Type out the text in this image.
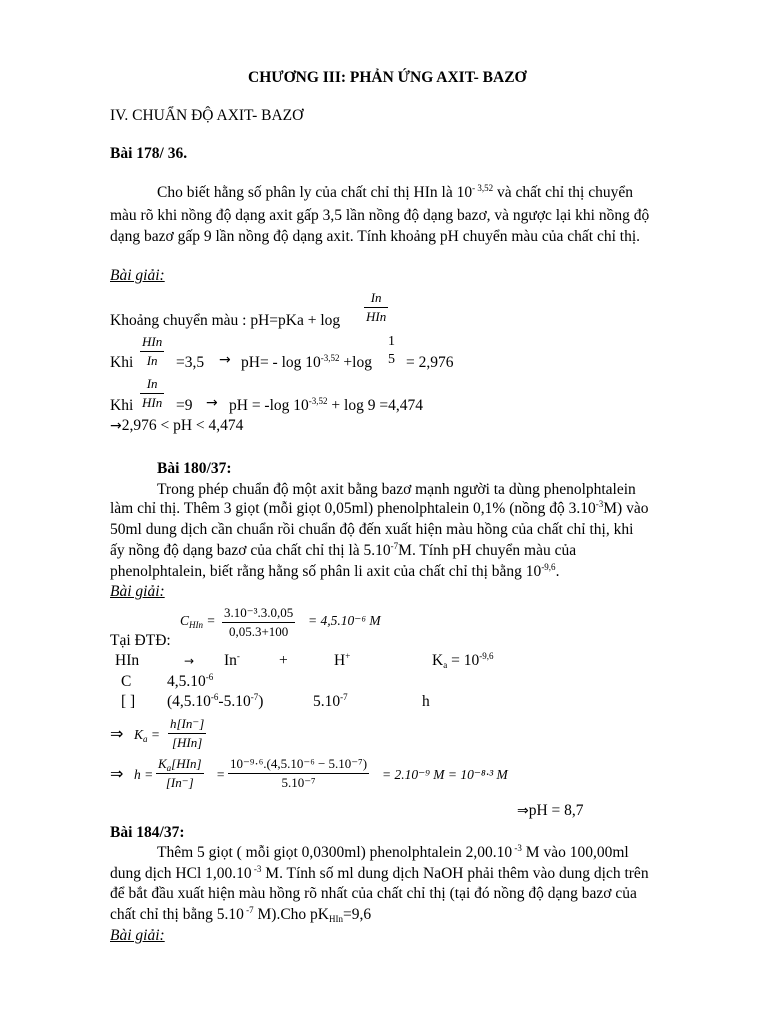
CHƯƠNG III: PHẢN ỨNG AXIT- BAZƠ
IV. CHUẨN ĐỘ AXIT- BAZƠ
Bài 178/ 36.
Cho biết hằng số phân ly của chất chỉ thị HIn là $10^{- 3,52}$ và chất chỉ thị chuyển
màu rõ khi nồng độ dạng axit gấp 3,5 lần nồng độ dạng bazơ, và ngược lại khi nồng độ
dạng bazơ gấp 9 lần nồng độ dạng axit. Tính khoảng pH chuyển màu của chất chỉ thị.
Bài giải:
Khoảng chuyển màu : pH=pKa + log
In
HIn
Khi
HIn
In	$=3,5 \to pH= - \log 10^{-3,52} +\log$
1
5 = 2,976
Khi
In
HIn =9 → pH = -log $10^{-3,52} + \log 9 =4,474$
→2,976 < pH < 4,474
Bài 180/37:
Trong phép chuẩn độ một axit bằng bazơ mạnh người ta dùng phenolphtalein
làm chỉ thị. Thêm 3 giọt (mỗi giọt 0,05ml) phenolphtalein 0,1% (nồng độ $3.10^{-3}M$) vào
50ml dung dịch cần chuẩn rồi chuẩn độ đến xuất hiện màu hồng của chất chỉ thị, khi
ấy nồng độ dạng bazơ của chất chỉ thị là $5.10^{-7}M$. Tính pH chuyển màu của
phenolphtalein, biết rằng hằng số phân li axit của chất chỉ thị bằng $10^{-9,6}$.
Bài giải:
Tại ĐTĐ:
$C_{HIn} = \frac{\text{3.10⁻³.3.0,05}}{0,05.3+100} = 4,5.10^{-6}$ M
HIn	→ In-	+	H+	$K_a = 10^{-9,6}$
C $4,5.10^{-6}$
[ ] $(4,5.10^{-6}-5.10^{-7})$	$5.10^{-7}$	h
⇒ $K_a$ =
h[In⁻]
[HIn]
⇒ h =
$K_a[HIn]$
[In⁻]
= $\frac{\text{10⁻⁹·⁶.(4,5.10⁻⁶ − 5.10⁻⁷)}}{\text{5.10⁻⁷}} = 2.10^{-9}$ M = 10⁻⁸·³ M
⇒pH = 8,7
Bài 184/37:
Thêm 5 giọt ( mỗi giọt 0,0300ml) phenolphtalein 2,00.10 $^{-3}$ M vào 100,00ml
dung dịch HCl 1,00.10 $^{-3}$ M. Tính số ml dung dịch NaOH phải thêm vào dung dịch trên
để bắt đầu xuất hiện màu hồng rõ nhất của chất chỉ thị (tại đó nồng độ dạng bazơ của
chất chỉ thị bằng 5.10 $^{-7}$ M).Cho $pK_{HIn}=9,6$
Bài giải:
